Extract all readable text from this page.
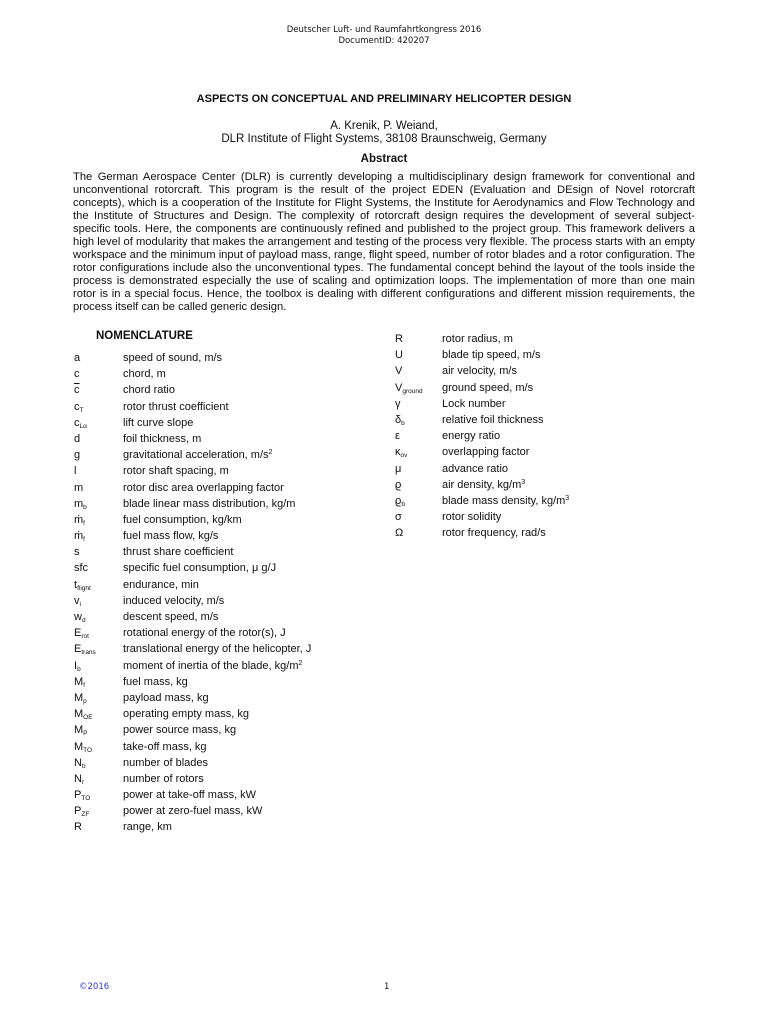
Deutscher Luft- und Raumfahrtkongress 2016
DocumentID: 420207
ASPECTS ON CONCEPTUAL AND PRELIMINARY HELICOPTER DESIGN
A. Krenik, P. Weiand,
DLR Institute of Flight Systems, 38108 Braunschweig, Germany
Abstract
The German Aerospace Center (DLR) is currently developing a multidisciplinary design framework for conventional and unconventional rotorcraft. This program is the result of the project EDEN (Evaluation and DEsign of Novel rotorcraft concepts), which is a cooperation of the Institute for Flight Systems, the Institute for Aerodynamics and Flow Technology and the Institute of Structures and Design. The complexity of rotorcraft design requires the development of several subject-specific tools. Here, the components are continuously refined and published to the project group. This framework delivers a high level of modularity that makes the arrangement and testing of the process very flexible. The process starts with an empty workspace and the minimum input of payload mass, range, flight speed, number of rotor blades and a rotor configuration. The rotor configurations include also the unconventional types. The fundamental concept behind the layout of the tools inside the process is demonstrated especially the use of scaling and optimization loops. The implementation of more than one main rotor is in a special focus. Hence, the toolbox is dealing with different configurations and different mission requirements, the process itself can be called generic design.
NOMENCLATURE
a	speed of sound, m/s
c	chord, m
$\overline{c}$	chord ratio
$c_T$	rotor thrust coefficient
$c_{L\alpha}$	lift curve slope
d	foil thickness, m
g	gravitational acceleration, $m/s^2$
l	rotor shaft spacing, m
m	rotor disc area overlapping factor
$m_b$	blade linear mass distribution, kg/m
ṁ$_f$	fuel consumption, kg/km
ṁ$_f$	fuel mass flow, kg/s
s	thrust share coefficient
sfc	specific fuel consumption, μ g/J
$t_{flight}$	endurance, min
$v_i$	induced velocity, m/s
$w_d$	descent speed, m/s
$E_{rot}$	rotational energy of the rotor(s), J
$E_{trans}$ translational energy of the helicopter, J
$I_b$	moment of inertia of the blade, $kg/m^2$
$M_f$	fuel mass, kg
$M_p$	payload mass, kg
$M_{OE}$	operating empty mass, kg
$M_P$	power source mass, kg
$M_{TO}$	take-off mass, kg
$N_b$	number of blades
$N_r$	number of rotors
$P_{TO}$	power at take-off mass, kW
$P_{ZF}$	power at zero-fuel mass, kW
R	range, km
R	rotor radius, m
U	blade tip speed, m/s
V	air velocity, m/s
$V_{ground}$ ground speed, m/s
γ	Lock number
$\delta_b$	relative foil thickness
ε	energy ratio
$\kappa_{ov}$	overlapping factor
μ	advance ratio
ϱ	air density, $kg/m^3$
$ϱ_b$	blade mass density, $kg/m^3$
σ	rotor solidity
Ω	rotor frequency, rad/s
©2016	1
